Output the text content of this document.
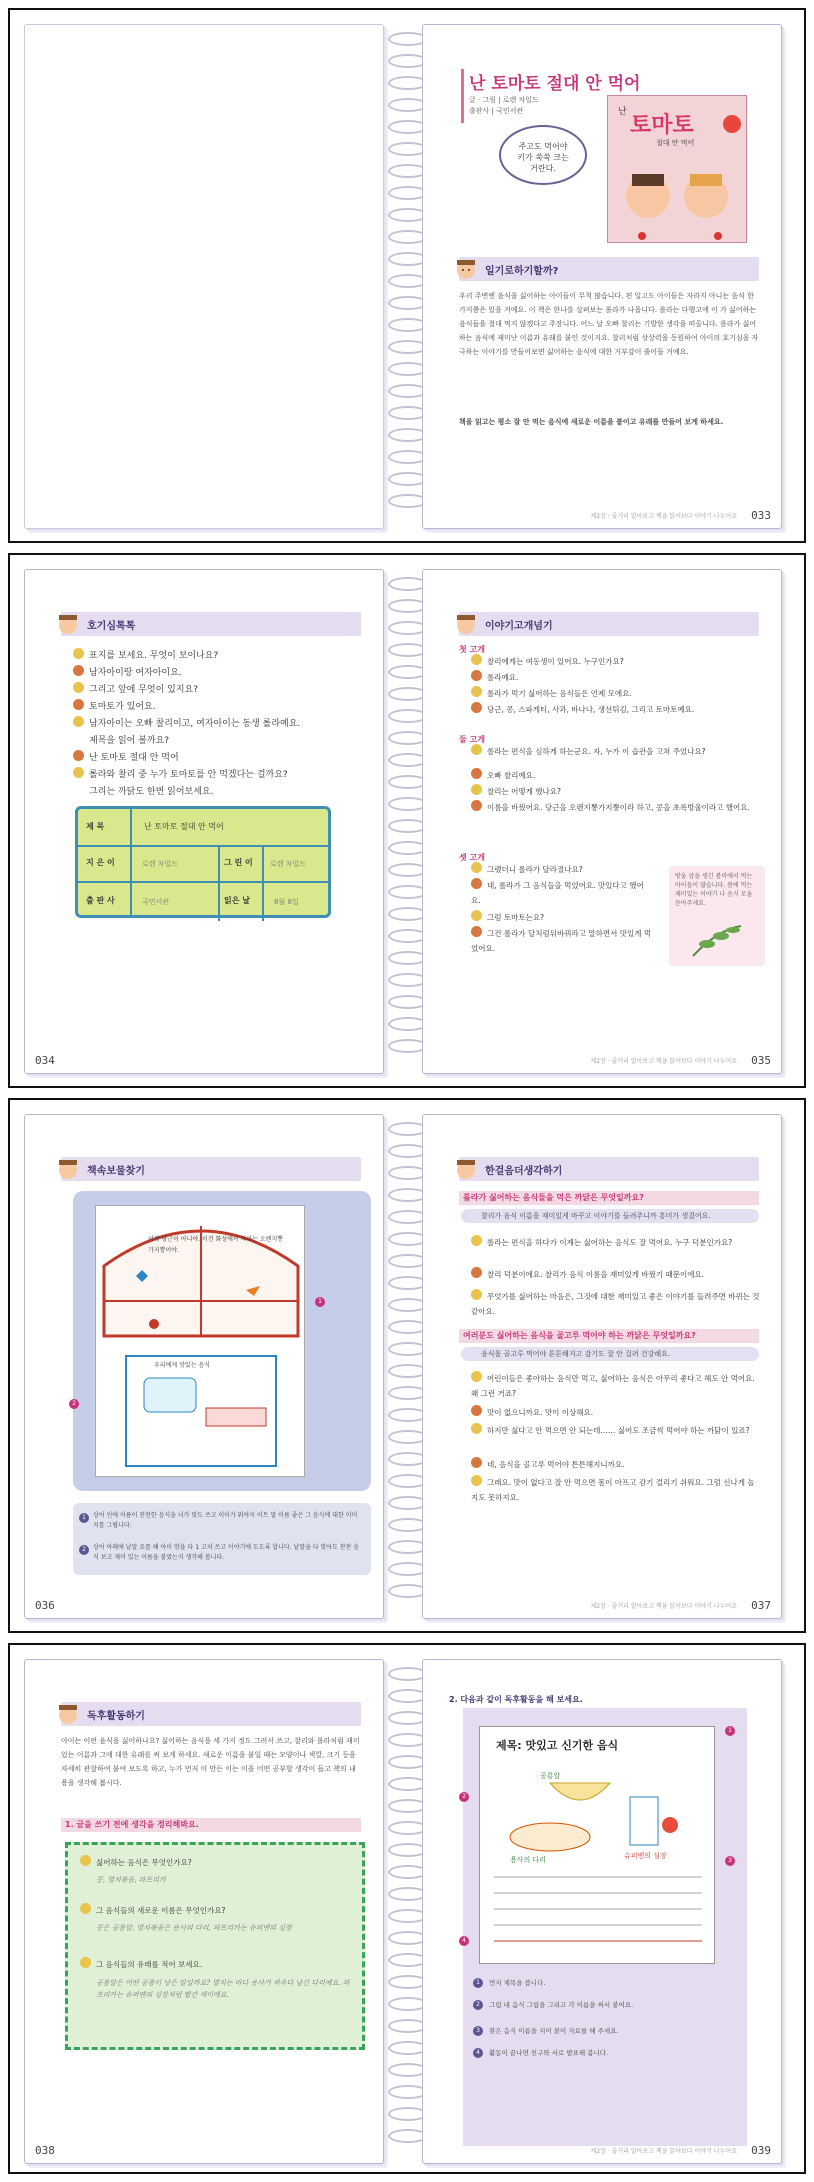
난 토마토 절대 안 먹어
글 · 그림 | 로렌 차일드
출판사 | 국민서관	난
토마토
절대 안 먹어
주고도 먹어야
키가 쑥쑥 크는
거란다.
일기로하기할까?
우리 주변엔 음식을 싫어하는 아이들이 무척 많습니다. 편 일고도 아이들은 자라지 아니는 음식 한 가지쯤은 있을 거예요. 이 책은 한나를 살펴보는 롤라가 나옵니다. 롤라는 다행고에 이 가 싫어하는 음식들을 절대 먹지 않겠다고 주장니다. 어느 날 오빠 찰리는 기발한 생각을 떠올니다. 롤라가 싫어하는 음식에 재미난 이름과 유래를 붙인 것이지요. 찰리처럼 상상력을 동원하여 아이의 호기심을 자극하는 이야기를 만들어보면 싫어하는 음식에 대한 거부감이 줄어들 거예요.
책을 읽고는 평소 잘 안 먹는 음식에 새로운 이름을 붙이고 유래를 만들어 보게 하세요.
제2장 · 줄거리 알아보고 책을 읽어보다 이야기 나누어요 033
호기심톡톡
표지를 보세요. 무엇이 보이나요?
남자아이랑 여자아이요.
그리고 앞에 무엇이 있지요?
토마토가 있어요.
남자아이는 오빠 찰리이고, 여자아이는 동생 롤라예요.
제목을 읽어 볼까요?
난 토마토 절대 안 먹어
롤라와 찰리 중 누가 토마토를 안 먹겠다는 걸까요?
그리는 까닭도 한번 읽어보세요.
제 목	난 토마토 절대 안 먹어
지 은 이	로렌 차일드	그 린 이 로렌 차일드
출 판 사	국민서관	읽은 날	8월 8일
034
이야기고개넘기
첫 고개
찰리에게는 여동생이 있어요. 누구인가요?
롤라예요.
롤라가 먹기 싫어하는 음식들은 언제 모에요.
당근, 콩, 스파게티, 사과, 바나나, 생선튀김, 그리고 토마토예요.
둘 고개
롤라는 편식을 심하게 하는군요. 자, 누가 이 습관을 고쳐 주었나요?
오빠 찰리예요.
찰리는 어떻게 했나요?
이름을 바꿨어요. 당근을 오렌지뽕가지뿡이라 하고, 콩을 초록방울이라고 했어요.
셋 고개
그랬더니 롤라가 달라졌나요?
네, 롤라가 그 음식들을 먹었어요. 맛있다고 했어요.
그럼 토마토는요?
그건 롤라가 달처럼뒤바꿔라고 말하면서 맛있게 먹었어요.
방울 앞을 생긴 봄비에서 먹는 아이들이 많습니다. 봄에 먹는 재미있는 이야기 나 음식 모을 듣아주세요.
제2장 · 줄거리 알아보고 책을 읽어보다 이야기 나누어요 035
책속보물찾기
이것 당근이 아니야. 이건 화성에서 자라는 오렌지뽕가지뿡이야.
우리에게 맛있는 음식
1
2
1	상어 인에 이름이 찬찬한 음식을 너가 맞도 쓰고 이이가 뭐야지 이트 말 이름 좋은 그 음식에 대한 이미지를 그립니다.

2	상어 아래에 낱말 요를 해 아이 맘을 다 1 고쳐 쓰고 이야기에 도도록 합니다. 낱말을 다 맞아도 찬찬 음식 보고 재미 있는 이름을 붙였는지 생각해 봅니다.

036
한걸음더생각하기
롤라가 싫어하는 음식들을 먹은 까닭은 무엇일까요?
찰리가 음식 이름을 재미있게 바꾸고 이야기를 들려주니까 흥미가 생겼어요.
롤라는 편식을 하다가 이제는 싫어하는 음식도 잘 먹어요. 누구 덕분인가요?
찰리 덕분이에요. 찰리가 음식 이름을 재미있게 바꿨기 때문이에요.
무엇가를 싫어하는 마음은, 그것에 대한 재미있고 좋은 이야기를 들려주면 바뀌는 것 같아요.
여러분도 싫어하는 음식을 골고루 먹어야 하는 까닭은 무엇일까요?
음식을 골고루 먹어야 튼튼해지고 감기도 잘 안 걸려 건강해요.
어린이들은 좋아하는 음식만 먹고, 싫어하는 음식은 아무리 좋다고 해도 안 먹어요. 왜 그런 거죠?
맛이 없으니까요. 맛이 이상해요.
하지만 싫다고 안 먹으면 안 되는데…… 싫어도 조금씩 먹어야 하는 까닭이 있죠?
네, 음식을 골고루 먹어야 튼튼해지니까요.
그래요. 맛이 없다고 잘 안 먹으면 몸이 아프고 감기 걸리기 쉬워요. 그럼 신나게 놀지도 못하지요.
제2장 · 줄거리 알아보고 책을 읽어보다 이야기 나누어요 037
독후활동하기
아이는 어떤 음식을 싫어하나요? 싫어하는 음식을 세 가지 정도 그려서 쓰고, 찰리와 롤라처럼 재미있는 이름과 그에 대한 유래를 써 보게 하세요. 새로운 이름을 붙일 때는 모양이나 색깔, 크기 등을 자세히 관찰하여 붙여 보도록 하고, 누가 먼저 이 만든 이는 이을 어떤 공부할 생각이 들고 책의 내용을 생각해 봅시다.
1. 글을 쓰기 전에 생각을 정리해봐요.
싫어하는 음식은 무엇인가요?
콩, 멸치볶음, 파프리카
그 음식들의 새로운 이름은 무엇인가요?
콩은 공룡알, 멸치볶음은 용사의 다리, 파프리카는 슈퍼맨의 심장
그 음식들의 유래를 적어 보세요.
공룡알은 어떤 공룡이 낳은 알일까요? 멸치는 바다 용사가 싸우다 남긴 다리예요. 파프리카는 슈퍼맨의 심장처럼 빨간 색이에요.
038
2. 다음과 같이 독후활동을 해 보세요.
제목: 맛있고 신기한 음식
공룡알
용사의 다리	슈퍼맨의 심장
1
2
3
4
1	먼저 제목을 씁니다.

2	그림 내 음식 그림을 그리고 각 이름을 써서 붙여요.

3	찾은 음식 이름을 지어 붙이 자료를 해 주세요.

4	활동이 끝나면 친구와 서로 발표해 봅니다.

제2장 · 줄거리 알아보고 책을 읽어보다 이야기 나누어요 039
